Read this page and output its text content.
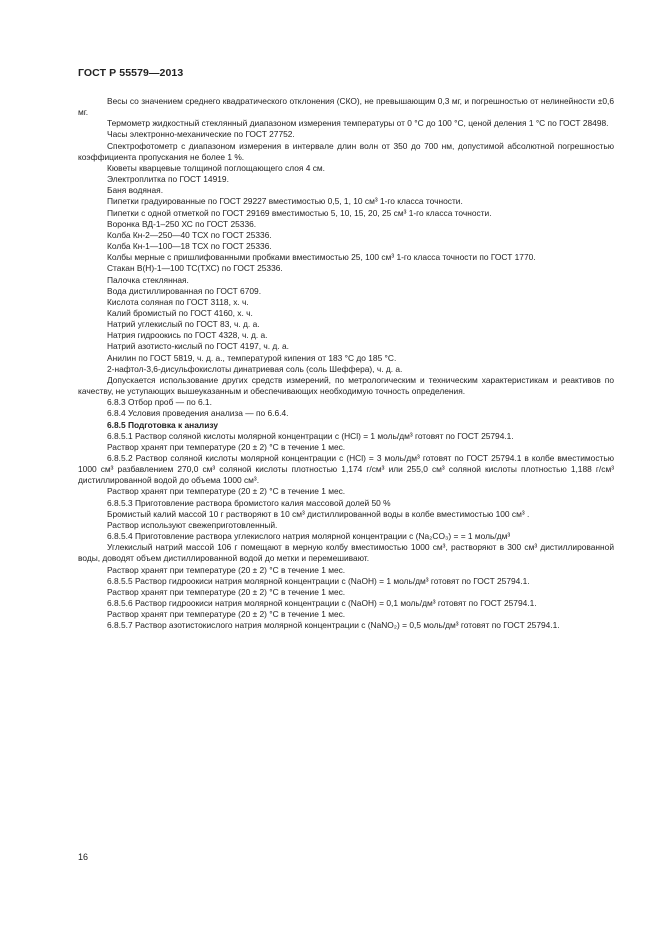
ГОСТ Р 55579—2013

Весы со значением среднего квадратического отклонения (СКО), не превышающим 0,3 мг, и погрешностью от нелинейности ±0,6 мг.

Термометр жидкостный стеклянный диапазоном измерения температуры от 0 °С до 100 °С, ценой деления 1 °С по ГОСТ 28498.

Часы электронно-механические по ГОСТ 27752.

Спектрофотометр с диапазоном измерения в интервале длин волн от 350 до 700 нм, допустимой абсолютной погрешностью коэффициента пропускания не более 1 %.

Кюветы кварцевые толщиной поглощающего слоя 4 см.

Электроплитка по ГОСТ 14919.

Баня водяная.

Пипетки градуированные по ГОСТ 29227 вместимостью 0,5, 1, 10 см³ 1-го класса точности.

Пипетки с одной отметкой по ГОСТ 29169 вместимостью 5, 10, 15, 20, 25 см³ 1-го класса точности.

Воронка ВД-1–250 ХС по ГОСТ 25336.

Колба Кн-2—250—40 ТСХ по ГОСТ 25336.

Колба Кн-1—100—18 ТСХ по ГОСТ 25336.

Колбы мерные с пришлифованными пробками вместимостью 25, 100 см³ 1-го класса точности по ГОСТ 1770.

Стакан В(Н)-1—100 ТС(ТХС) по ГОСТ 25336.

Палочка стеклянная.

Вода дистиллированная по ГОСТ 6709.

Кислота соляная по ГОСТ 3118, х. ч.

Калий бромистый по ГОСТ 4160, х. ч.

Натрий углекислый по ГОСТ 83, ч. д. а.

Натрия гидроокись по ГОСТ 4328, ч. д. а.

Натрий азотисто-кислый по ГОСТ 4197, ч. д. а.

Анилин по ГОСТ 5819, ч. д. а., температурой кипения от 183 °С до 185 °С.

2-нафтол-3,6-дисульфокислоты динатриевая соль (соль Шеффера), ч. д. а.

Допускается использование других средств измерений, по метрологическим и техническим характеристикам и реактивов по качеству, не уступающих вышеуказанным и обеспечивающих необходимую точность определения.

6.8.3 Отбор проб — по 6.1.

6.8.4 Условия проведения анализа — по 6.6.4.

6.8.5 Подготовка к анализу

6.8.5.1 Раствор соляной кислоты молярной концентрации с (HCl) = 1 моль/дм³ готовят по ГОСТ 25794.1.

Раствор хранят при температуре (20 ± 2) °С в течение 1 мес.

6.8.5.2 Раствор соляной кислоты молярной концентрации с (HCl) = 3 моль/дм³ готовят по ГОСТ 25794.1 в колбе вместимостью 1000 см³ разбавлением 270,0 см³ соляной кислоты плотностью 1,174 г/см³ или 255,0 см³ соляной кислоты плотностью 1,188 г/см³ дистиллированной водой до объема 1000 см³.

Раствор хранят при температуре (20 ± 2) °С в течение 1 мес.

6.8.5.3 Приготовление раствора бромистого калия массовой долей 50 %

Бромистый калий массой 10 г растворяют в 10 см³ дистиллированной воды в колбе вместимостью 100 см³ .

Раствор используют свежеприготовленный.

6.8.5.4 Приготовление раствора углекислого натрия молярной концентрации с (Na₂CO₃) = = 1 моль/дм³

Углекислый натрий массой 106 г помещают в мерную колбу вместимостью 1000 см³, растворяют в 300 см³ дистиллированной воды, доводят объем дистиллированной водой до метки и перемешивают.

Раствор хранят при температуре (20 ± 2) °С в течение 1 мес.

6.8.5.5 Раствор гидроокиси натрия молярной концентрации с (NaOH) = 1 моль/дм³ готовят по ГОСТ 25794.1.

Раствор хранят при температуре (20 ± 2) °С в течение 1 мес.

6.8.5.6 Раствор гидроокиси натрия молярной концентрации с (NaOH) = 0,1 моль/дм³ готовят по ГОСТ 25794.1.

Раствор хранят при температуре (20 ± 2) °С в течение 1 мес.

6.8.5.7 Раствор азотистокислого натрия молярной концентрации с (NaNO₂) = 0,5 моль/дм³ готовят по ГОСТ 25794.1.

16
